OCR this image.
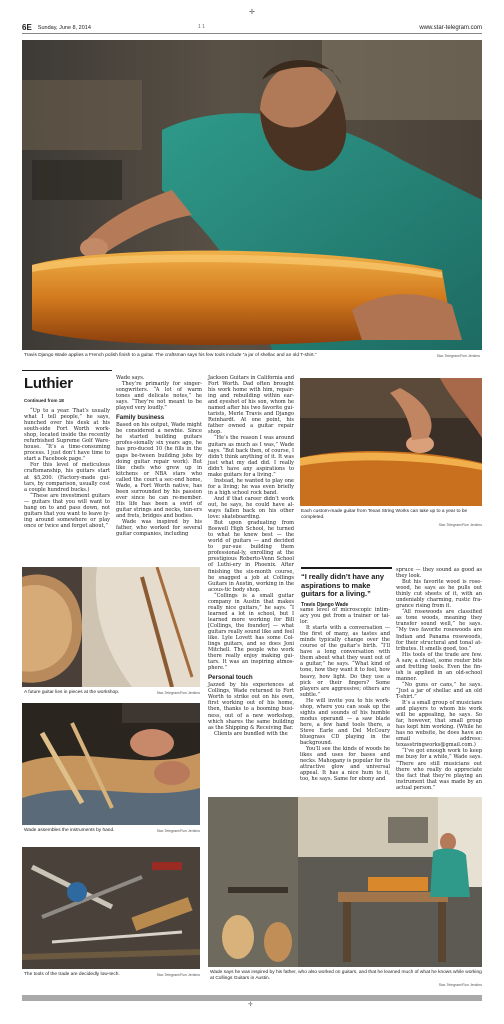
✛
6E Sunday, June 8, 2014	1 1	www.star-telegram.com
Travis Django Wade applies a French polish finish to a guitar. The craftsman says his few tools include “a jar of shellac and an old T-shirt.”	Star-Telegram/Ron Jenkins
Luthier
Continued from 1E

“Up to a year. That’s usually what I tell people,” he says, hunched over his desk at his south-side Fort Worth work-shop, located inside the recently refurbished Supreme Golf Ware-house. “It’s a time-consuming process. I just don’t have time to start a Facebook page.”

For this level of meticulous craftsmanship, his guitars start at $5,200. (Factory-made gui-tars, by comparison, usually cost a couple hundred bucks.)

“These are investment guitars — guitars that you will want to hang on to and pass down, not guitars that you want to leave ly-ing around somewhere or play once or twice and forget about,”

Wade says.

They’re primarily for singer-songwriters. “A lot of warm tones and delicate notes,” he says. “They’re not meant to be played very loudly.”

Family business

Based on his output, Wade might be considered a newbie. Since he started building guitars profes-sionally six years ago, he has pro-duced 10 (he fills in the gaps be-tween building jobs by doing guitar repair work). But like chefs who grew up in kitchens or NBA stars who called the court a sec-ond home, Wade, a Fort Worth native, has been surrounded by his passion ever since he can re-member. His life has been a swirl of guitar strings and necks, tun-ers and frets, bridges and bodies.

Wade was inspired by his father, who worked for several guitar companies, including

Jackson Guitars in California and Fort Worth. Dad often brought his work home with him, repair-ing and rebuilding within ear-and eyeshot of his son, whom he named after his two favorite gui-tarists, Merle Travis and Django Reinhardt. At one point, his father owned a guitar repair shop.

“He’s the reason I was around guitars as much as I was,” Wade says. “But back then, of course, I didn’t think anything of it. It was just what my dad did. I really didn’t have any aspirations to make guitars for a living.”

Instead, he wanted to play one for a living; he was even briefly in a high school rock band.

And if that career didn’t work out, he says, he could have al-ways fallen back on his other love: skateboarding.

But upon graduating from Boswell High School, he turned to what he knew best — the world of guitars — and decided to pur-sue building them professional-ly, enrolling at the prestigious Roberto-Venn School of Luthi-ery in Phoenix. After finishing the six-month course, he snagged a job at Collings Guitars in Austin, working in the acous-tic body shop.

“Collings is a small guitar company in Austin that makes really nice guitars,” he says. “I learned a lot in school, but I learned more working for Bill [Collings, the founder] — what guitars really sound like and feel like. Lyle Lovett has some Col-lings guitars, and so does Joni Mitchell. The people who work there really enjoy making gui-tars. It was an inspiring atmos-phere.”

Personal touch

Jazzed by his experiences at Collings, Wade returned to Fort Worth to strike out on his own, first working out of his home, then, thanks to a booming busi-ness, out of a new workshop, which shares the same building as the Shipping & Receiving Bar.

Clients are bundled with the

Each custom-made guitar from Texas String Works can take up to a year to be completed.
Star-Telegram/Ron Jenkins
“I really didn’t have any aspirations to make guitars for a living.”
Travis Django Wade

same level of microscopic intim-acy you get from a trainer or tai-lor.

It starts with a conversation — the first of many, as tastes and minds typically change over the course of the guitar’s birth. “I’ll have a long conversation with them about what they want out of a guitar,” he says. “What kind of tone, how they want it to feel, how heavy, how light. Do they use a pick or their fingers? Some players are aggressive; others are subtle.”

He will invite you to his work-shop, where you can soak up the sights and sounds of his humble modus operandi — a saw blade here, a few hand tools there, a Steve Earle and Del McCoury bluegrass CD playing in the background.

You’ll see the kinds of woods he likes and uses for bases and necks. Mahogany is popular for its attractive glow and universal appeal. It has a nice hum to it, too, he says. Same for ebony and

spruce — they sound as good as they look.

But his favorite wood is rose-wood, he says as he pulls out thinly cut sheets of it, with an undeniably charming, rustic fra-grance rising from it.

“All rosewoods are classified as tone woods, meaning they transfer sound well,” he says. “My two favorite rosewoods are Indian and Panama rosewoods, for their structural and tonal at-tributes. It smells good, too.”

His tools of the trade are few. A saw, a chisel, some router bits and fretting tools. Even the fin-ish is applied in an old-school manner.

“No guns or cans,” he says. “Just a jar of shellac and an old T-shirt.”

It’s a small group of musicians and players to whom his work will be appealing, he says. So far, however, that small group has kept him working. (While he has no website, he does have an email address: texasstringworks@gmail.com.)

“I’ve got enough work to keep me busy for a while,” Wade says. “There are still musicians out there who really do appreciate the fact that they’re playing an instrument that was made by an actual person.”

A future guitar lies in pieces at the workshop.	Star-Telegram/Ron Jenkins
Wade assembles the instruments by hand.	Star-Telegram/Ron Jenkins
The tools of the trade are decidedly low-tech.	Star-Telegram/Ron Jenkins Wade says he was inspired by his father, who also worked on guitars, and that he learned much of what he knows while working at Collings Guitars in Austin.
Star-Telegram/Ron Jenkins
✛
